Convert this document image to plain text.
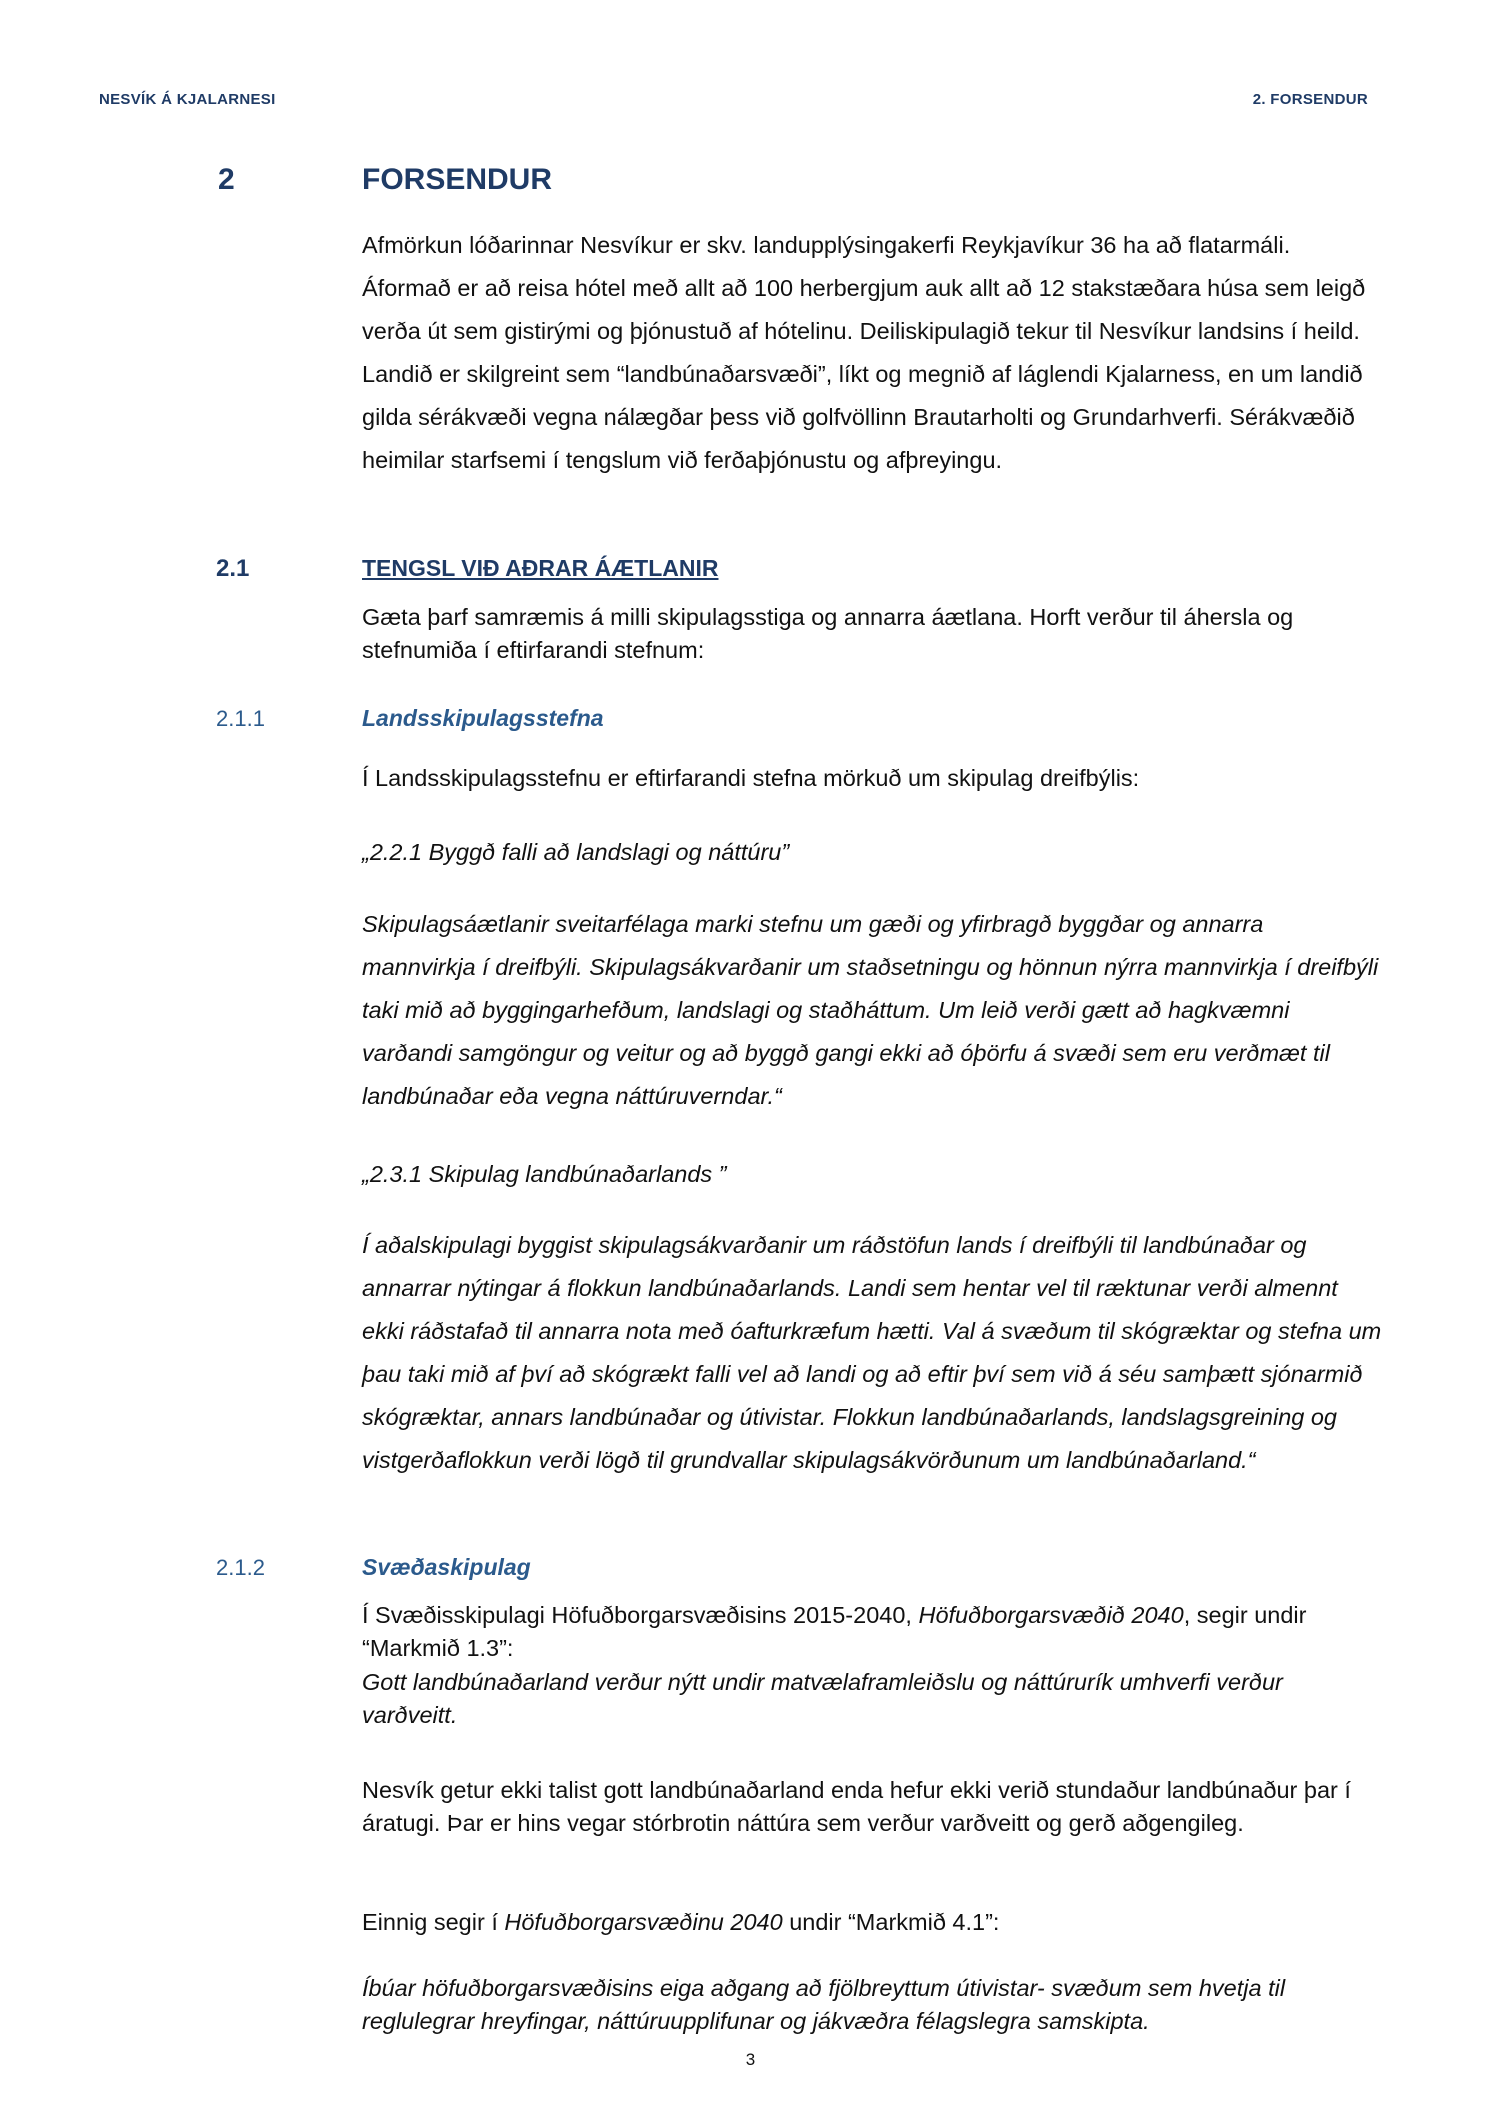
NESVÍK Á KJALARNESI	2. FORSENDUR
2	FORSENDUR

Afmörkun lóðarinnar Nesvíkur er skv. landupplýsingakerfi Reykjavíkur 36 ha að flatarmáli. Áformað er að reisa hótel með allt að 100 herbergjum auk allt að 12 stakstæðara húsa sem leigð verða út sem gistirými og þjónustuð af hótelinu. Deiliskipulagið tekur til Nesvíkur landsins í heild. Landið er skilgreint sem “landbúnaðarsvæði”, líkt og megnið af láglendi Kjalarness, en um landið gilda sérákvæði vegna nálægðar þess við golfvöllinn Brautarholti og Grundarhverfi. Sérákvæðið heimilar starfsemi í tengslum við ferðaþjónustu og afþreyingu.

2.1	TENGSL VIÐ AÐRAR ÁÆTLANIR

Gæta þarf samræmis á milli skipulagsstiga og annarra áætlana. Horft verður til áhersla og stefnumiða í eftirfarandi stefnum:

2.1.1	Landsskipulagsstefna

Í Landsskipulagsstefnu er eftirfarandi stefna mörkuð um skipulag dreifbýlis:

„2.2.1 Byggð falli að landslagi og náttúru”

Skipulagsáætlanir sveitarfélaga marki stefnu um gæði og yfirbragð byggðar og annarra mannvirkja í dreifbýli. Skipulagsákvarðanir um staðsetningu og hönnun nýrra mannvirkja í dreifbýli taki mið að byggingarhefðum, landslagi og staðháttum. Um leið verði gætt að hagkvæmni varðandi samgöngur og veitur og að byggð gangi ekki að óþörfu á svæði sem eru verðmæt til landbúnaðar eða vegna náttúruverndar.“

„2.3.1 Skipulag landbúnaðarlands ”

Í aðalskipulagi byggist skipulagsákvarðanir um ráðstöfun lands í dreifbýli til landbúnaðar og annarrar nýtingar á flokkun landbúnaðarlands. Landi sem hentar vel til ræktunar verði almennt ekki ráðstafað til annarra nota með óafturkræfum hætti. Val á svæðum til skógræktar og stefna um þau taki mið af því að skógrækt falli vel að landi og að eftir því sem við á séu samþætt sjónarmið skógræktar, annars landbúnaðar og útivistar. Flokkun landbúnaðarlands, landslagsgreining og vistgerðaflokkun verði lögð til grundvallar skipulagsákvörðunum um landbúnaðarland.“

2.1.2	Svæðaskipulag

Í Svæðisskipulagi Höfuðborgarsvæðisins 2015-2040, Höfuðborgarsvæðið 2040, segir undir “Markmið 1.3”:

Gott landbúnaðarland verður nýtt undir matvælaframleiðslu og náttúrurík umhverfi verður varðveitt.

Nesvík getur ekki talist gott landbúnaðarland enda hefur ekki verið stundaður landbúnaður þar í áratugi. Þar er hins vegar stórbrotin náttúra sem verður varðveitt og gerð aðgengileg.

Einnig segir í Höfuðborgarsvæðinu 2040 undir “Markmið 4.1”:

Íbúar höfuðborgarsvæðisins eiga aðgang að fjölbreyttum útivistar- svæðum sem hvetja til reglulegrar hreyfingar, náttúruupplifunar og jákvæðra félagslegra samskipta.

3
